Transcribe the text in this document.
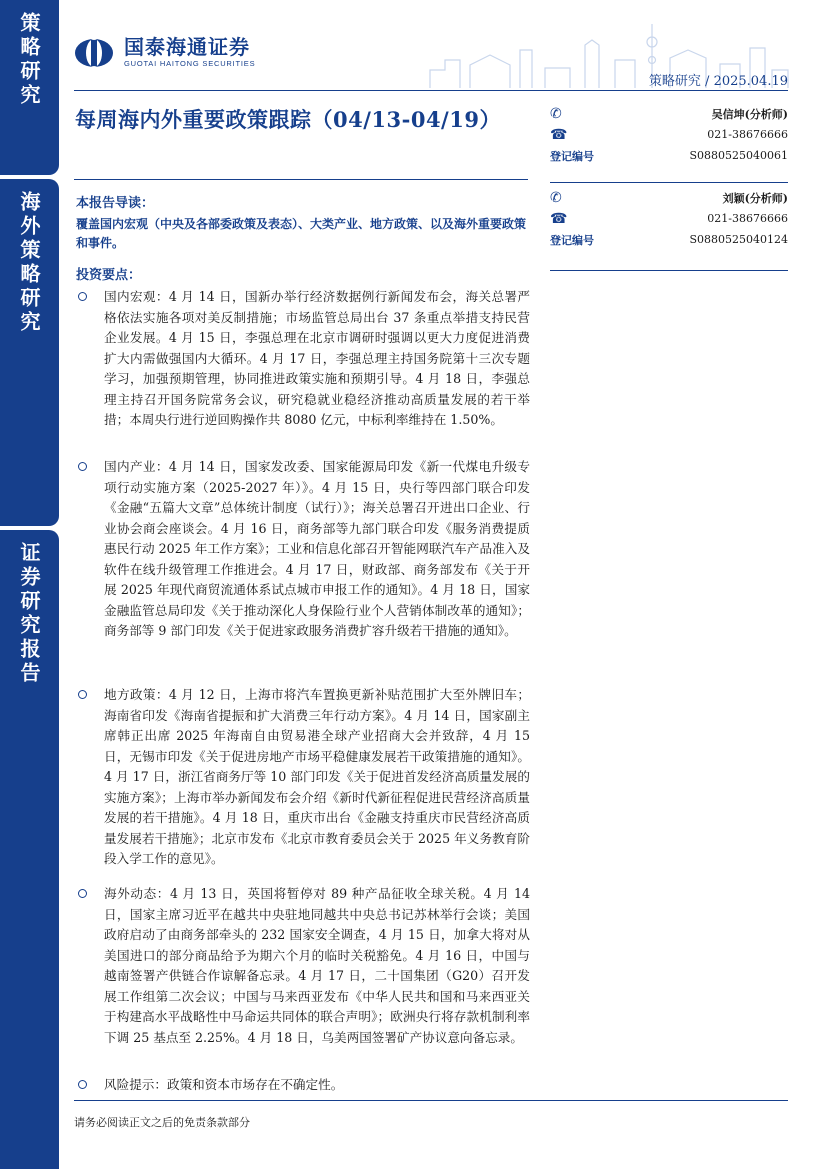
策略研究
海外策略研究
证券研究报告
国泰海通证券
GUOTAI HAITONG SECURITIES
策略研究 / 2025.04.19
每周海内外重要政策跟踪（04/13-04/19）
本报告导读：
覆盖国内宏观（中央及各部委政策及表态）、大类产业、地方政策、以及海外重要政策和事件。
投资要点：
国内宏观：4 月 14 日，国新办举行经济数据例行新闻发布会，海关总署严格依法实施各项对美反制措施；市场监管总局出台 37 条重点举措支持民营企业发展。4 月 15 日，李强总理在北京市调研时强调以更大力度促进消费扩大内需做强国内大循环。4 月 17 日，李强总理主持国务院第十三次专题学习，加强预期管理，协同推进政策实施和预期引导。4 月 18 日，李强总理主持召开国务院常务会议，研究稳就业稳经济推动高质量发展的若干举措；本周央行进行逆回购操作共 8080 亿元，中标利率维持在 1.50%。
国内产业：4 月 14 日，国家发改委、国家能源局印发《新一代煤电升级专项行动实施方案（2025-2027 年）》。4 月 15 日，央行等四部门联合印发《金融“五篇大文章”总体统计制度（试行）》；海关总署召开进出口企业、行业协会商会座谈会。4 月 16 日，商务部等九部门联合印发《服务消费提质惠民行动 2025 年工作方案》；工业和信息化部召开智能网联汽车产品准入及软件在线升级管理工作推进会。4 月 17 日，财政部、商务部发布《关于开展 2025 年现代商贸流通体系试点城市申报工作的通知》。4 月 18 日，国家金融监管总局印发《关于推动深化人身保险行业个人营销体制改革的通知》；商务部等 9 部门印发《关于促进家政服务消费扩容升级若干措施的通知》。
地方政策：4 月 12 日，上海市将汽车置换更新补贴范围扩大至外牌旧车；海南省印发《海南省提振和扩大消费三年行动方案》。4 月 14 日，国家副主席韩正出席 2025 年海南自由贸易港全球产业招商大会并致辞，4 月 15 日，无锡市印发《关于促进房地产市场平稳健康发展若干政策措施的通知》。4 月 17 日，浙江省商务厅等 10 部门印发《关于促进首发经济高质量发展的实施方案》；上海市举办新闻发布会介绍《新时代新征程促进民营经济高质量发展的若干措施》。4 月 18 日，重庆市出台《金融支持重庆市民营经济高质量发展若干措施》；北京市发布《北京市教育委员会关于 2025 年义务教育阶段入学工作的意见》。
海外动态：4 月 13 日，英国将暂停对 89 种产品征收全球关税。4 月 14 日，国家主席习近平在越共中央驻地同越共中央总书记苏林举行会谈；美国政府启动了由商务部牵头的 232 国家安全调查，4 月 15 日，加拿大将对从美国进口的部分商品给予为期六个月的临时关税豁免。4 月 16 日，中国与越南签署产供链合作谅解备忘录。4 月 17 日，二十国集团（G20）召开发展工作组第二次会议；中国与马来西亚发布《中华人民共和国和马来西亚关于构建高水平战略性中马命运共同体的联合声明》；欧洲央行将存款机制利率下调 25 基点至 2.25%。4 月 18 日，乌美两国签署矿产协议意向备忘录。
风险提示：政策和资本市场存在不确定性。
✆	吴信坤(分析师)
☎	021-38676666
登记编号	S0880525040061
✆	刘颖(分析师)
☎	021-38676666
登记编号	S0880525040124
请务必阅读正文之后的免责条款部分
